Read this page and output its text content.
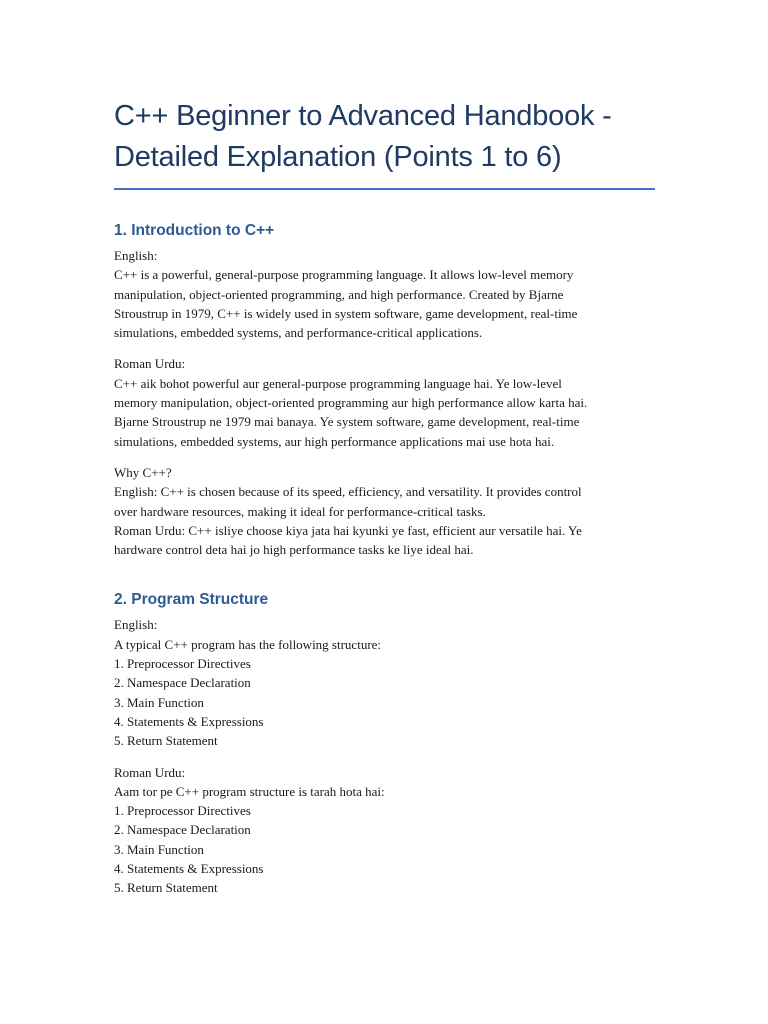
C++ Beginner to Advanced Handbook -
Detailed Explanation (Points 1 to 6)
1. Introduction to C++

English:

C++ is a powerful, general-purpose programming language. It allows low-level memory

manipulation, object-oriented programming, and high performance. Created by Bjarne

Stroustrup in 1979, C++ is widely used in system software, game development, real-time

simulations, embedded systems, and performance-critical applications.

Roman Urdu:

C++ aik bohot powerful aur general-purpose programming language hai. Ye low-level

memory manipulation, object-oriented programming aur high performance allow karta hai.

Bjarne Stroustrup ne 1979 mai banaya. Ye system software, game development, real-time

simulations, embedded systems, aur high performance applications mai use hota hai.

Why C++?

English: C++ is chosen because of its speed, efficiency, and versatility. It provides control

over hardware resources, making it ideal for performance-critical tasks.

Roman Urdu: C++ isliye choose kiya jata hai kyunki ye fast, efficient aur versatile hai. Ye

hardware control deta hai jo high performance tasks ke liye ideal hai.

2. Program Structure

English:

A typical C++ program has the following structure:

1. Preprocessor Directives

2. Namespace Declaration

3. Main Function

4. Statements & Expressions

5. Return Statement

Roman Urdu:

Aam tor pe C++ program structure is tarah hota hai:

1. Preprocessor Directives

2. Namespace Declaration

3. Main Function

4. Statements & Expressions

5. Return Statement
